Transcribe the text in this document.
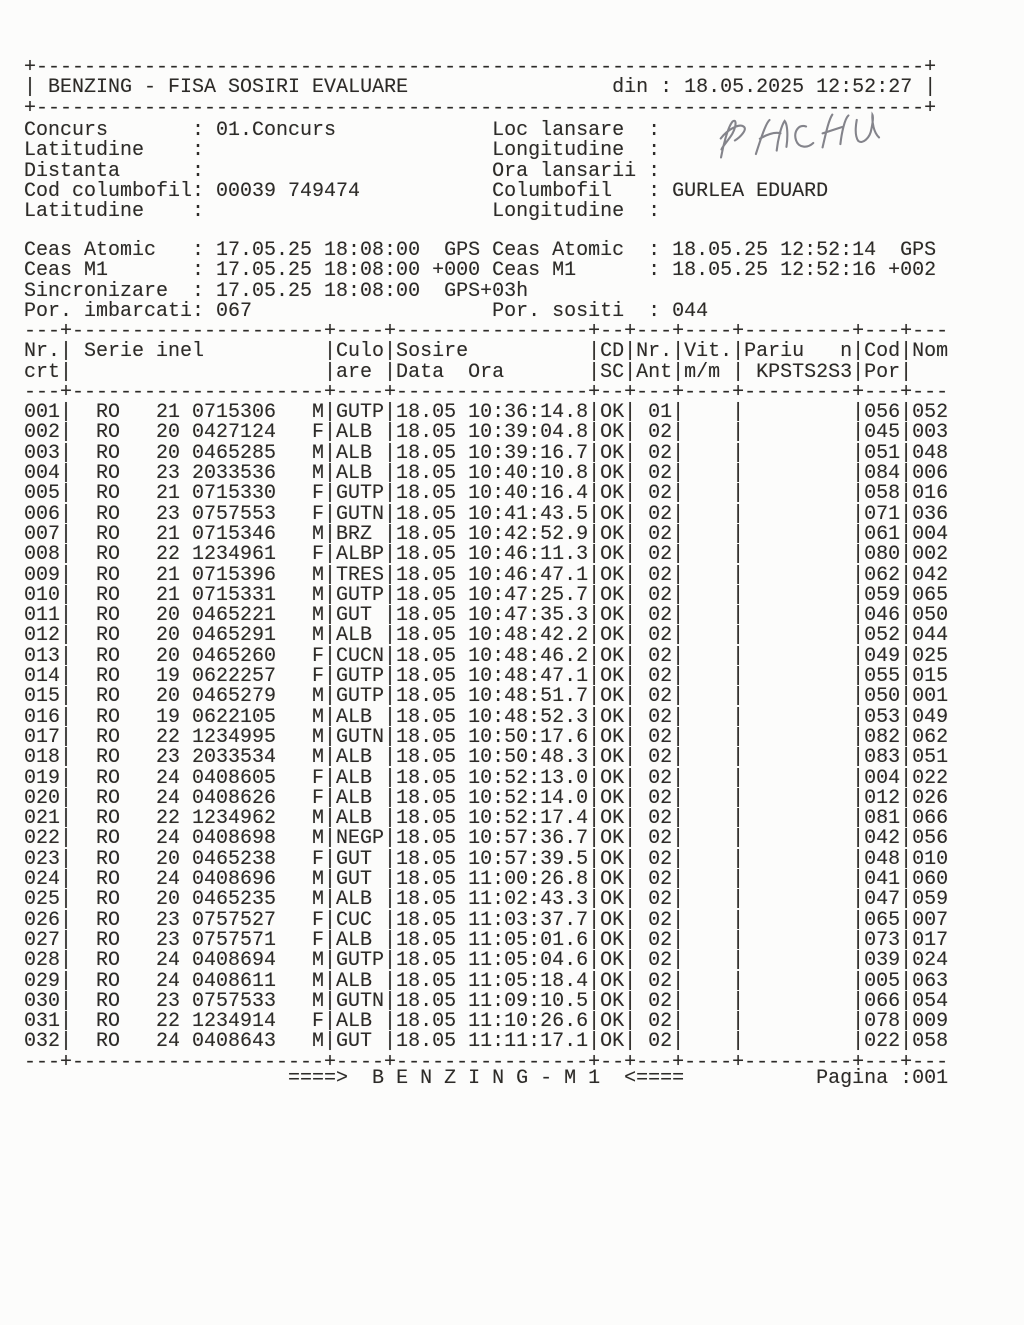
+--------------------------------------------------------------------------+
| BENZING - FISA SOSIRI EVALUARE	din : 18.05.2025 12:52:27 |
+--------------------------------------------------------------------------+
Concurs       : 01.Concurs             Loc lansare  :
Latitudine    :                        Longitudine  :
Distanta      :                        Ora lansarii :
Cod columbofil: 00039 749474           Columbofil   : GURLEA EDUARD
Latitudine    :                        Longitudine  :
Ceas Atomic   : 17.05.25 18:08:00  GPS Ceas Atomic  : 18.05.25 12:52:14  GPS
Ceas M1       : 17.05.25 18:08:00 +000 Ceas M1      : 18.05.25 12:52:16 +002
Sincronizare  : 17.05.25 18:08:00  GPS+03h
Por. imbarcati: 067                    Por. sositi  : 044
---+---------------------+----+----------------+--+---+----+---------+---+---
Nr.| Serie inel          |Culo|Sosire          |CD|Nr.|Vit.|Pariu   n|Cod|Nom
crt|                     |are |Data  Ora       |SC|Ant|m/m | KPSTS2S3|Por|
---+---------------------+----+----------------+--+---+----+---------+---+---
001|  RO   21 0715306   M|GUTP|18.05 10:36:14.8|OK| 01|    |         |056|052
002|  RO   20 0427124   F|ALB |18.05 10:39:04.8|OK| 02|    |         |045|003
003|  RO   20 0465285   M|ALB |18.05 10:39:16.7|OK| 02|    |         |051|048
004|  RO   23 2033536   M|ALB |18.05 10:40:10.8|OK| 02|    |         |084|006
005|  RO   21 0715330   F|GUTP|18.05 10:40:16.4|OK| 02|    |         |058|016
006|  RO   23 0757553   F|GUTN|18.05 10:41:43.5|OK| 02|    |         |071|036
007|  RO   21 0715346   M|BRZ |18.05 10:42:52.9|OK| 02|    |         |061|004
008|  RO   22 1234961   F|ALBP|18.05 10:46:11.3|OK| 02|    |         |080|002
009|  RO   21 0715396   M|TRES|18.05 10:46:47.1|OK| 02|    |         |062|042
010|  RO   21 0715331   M|GUTP|18.05 10:47:25.7|OK| 02|    |         |059|065
011|  RO   20 0465221   M|GUT |18.05 10:47:35.3|OK| 02|    |         |046|050
012|  RO   20 0465291   M|ALB |18.05 10:48:42.2|OK| 02|    |         |052|044
013|  RO   20 0465260   F|CUCN|18.05 10:48:46.2|OK| 02|    |         |049|025
014|  RO   19 0622257   F|GUTP|18.05 10:48:47.1|OK| 02|    |         |055|015
015|  RO   20 0465279   M|GUTP|18.05 10:48:51.7|OK| 02|    |         |050|001
016|  RO   19 0622105   M|ALB |18.05 10:48:52.3|OK| 02|    |         |053|049
017|  RO   22 1234995   M|GUTN|18.05 10:50:17.6|OK| 02|    |         |082|062
018|  RO   23 2033534   M|ALB |18.05 10:50:48.3|OK| 02|    |         |083|051
019|  RO   24 0408605   F|ALB |18.05 10:52:13.0|OK| 02|    |         |004|022
020|  RO   24 0408626   F|ALB |18.05 10:52:14.0|OK| 02|    |         |012|026
021|  RO   22 1234962   M|ALB |18.05 10:52:17.4|OK| 02|    |         |081|066
022|  RO   24 0408698   M|NEGP|18.05 10:57:36.7|OK| 02|    |         |042|056
023|  RO   20 0465238   F|GUT |18.05 10:57:39.5|OK| 02|    |         |048|010
024|  RO   24 0408696   M|GUT |18.05 11:00:26.8|OK| 02|    |         |041|060
025|  RO   20 0465235   M|ALB |18.05 11:02:43.3|OK| 02|    |         |047|059
026|  RO   23 0757527   F|CUC |18.05 11:03:37.7|OK| 02|    |         |065|007
027|  RO   23 0757571   F|ALB |18.05 11:05:01.6|OK| 02|    |         |073|017
028|  RO   24 0408694   M|GUTP|18.05 11:05:04.6|OK| 02|    |         |039|024
029|  RO   24 0408611   M|ALB |18.05 11:05:18.4|OK| 02|    |         |005|063
030|  RO   23 0757533   M|GUTN|18.05 11:09:10.5|OK| 02|    |         |066|054
031|  RO   22 1234914   F|ALB |18.05 11:10:26.6|OK| 02|    |         |078|009
032|  RO   24 0408643   M|GUT |18.05 11:11:17.1|OK| 02|    |         |022|058
---+---------------------+----+----------------+--+---+----+---------+---+---
====>  B E N Z I N G - M 1  <====	Pagina :001
